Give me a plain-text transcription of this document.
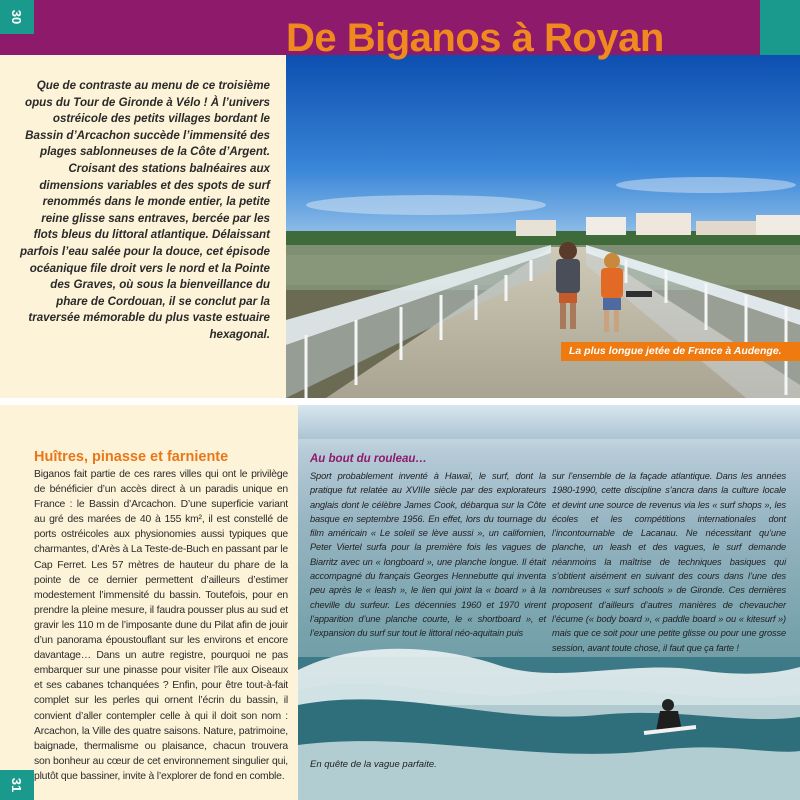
30	De Biganos à Royan

Que de contraste au menu de ce troisième opus du Tour de Gironde à Vélo ! À l’univers ostréicole des petits villages bordant le Bassin d’Arcachon succède l’immensité des plages sablonneuses de la Côte d’Argent. Croisant des stations balnéaires aux dimensions variables et des spots de surf renommés dans le monde entier, la petite reine glisse sans entraves, bercée par les flots bleus du littoral atlantique. Délaissant parfois l’eau salée pour la douce, cet épisode océanique file droit vers le nord et la Pointe des Graves, où sous la bienveillance du phare de Cordouan, il se conclut par la traversée mémorable du plus vaste estuaire hexagonal.

La plus longue jetée de France à Audenge.
31
Huîtres, pinasse et farniente

Biganos fait partie de ces rares villes qui ont le privilège de bénéficier d’un accès direct à un paradis unique en France : le Bassin d’Arcachon. D’une superficie variant au gré des marées de 40 à 155 km², il est constellé de ports ostréicoles aux physionomies aussi typiques que charmantes, d’Arès à La Teste-de-Buch en passant par le Cap Ferret. Les 57 mètres de hauteur du phare de la pointe de ce dernier permettent d’ailleurs d’estimer modestement l’immensité du bassin. Toutefois, pour en prendre la pleine mesure, il faudra pousser plus au sud et gravir les 110 m de l’imposante dune du Pilat afin de jouir d’un panorama époustouflant sur les environs et encore davantage… Dans un autre registre, pourquoi ne pas embarquer sur une pinasse pour visiter l’île aux Oiseaux et ses cabanes tchanquées ? Enfin, pour être tout-à-fait complet sur les perles qui ornent l’écrin du bassin, il convient d’aller contempler celle à qui il doit son nom : Arcachon, la Ville des quatre saisons. Nature, patrimoine, baignade, thermalisme ou plaisance, chacun trouvera son bonheur au cœur de cet environnement singulier qui, plutôt que bassiner, invite à l’explorer de fond en comble.

Au bout du rouleau…

Sport probablement inventé à Hawaï, le surf, dont la pratique fut relatée au XVIIIe siècle par des explorateurs anglais dont le célèbre James Cook, débarqua sur la Côte basque en septembre 1956. En effet, lors du tournage du film américain « Le soleil se lève aussi », un californien, Peter Viertel surfa pour la première fois les vagues de Biarritz avec un « longboard », une planche longue. Il était accompagné du français Georges Hennebutte qui inventa peu après le « leash », le lien qui joint la « board » à la cheville du surfeur. Les décennies 1960 et 1970 virent l’apparition d’une planche courte, le « shortboard », et l’expansion du surf sur tout le littoral néo-aquitain puis

sur l’ensemble de la façade atlantique. Dans les années 1980-1990, cette discipline s’ancra dans la culture locale et devint une source de revenus via les « surf shops », les écoles et les compétitions internationales dont l’incontournable de Lacanau. Ne nécessitant qu’une planche, un leash et des vagues, le surf demande néanmoins la maîtrise de techniques basiques qui s’obtient aisément en suivant des cours dans l’une des nombreuses « surf schools » de Gironde. Ces dernières proposent d’ailleurs d’autres manières de chevaucher l’écume (« body board », « paddle board » ou « kitesurf ») mais que ce soit pour une petite glisse ou pour une grosse session, avant toute chose, il faut que ça farte !

En quête de la vague parfaite.
